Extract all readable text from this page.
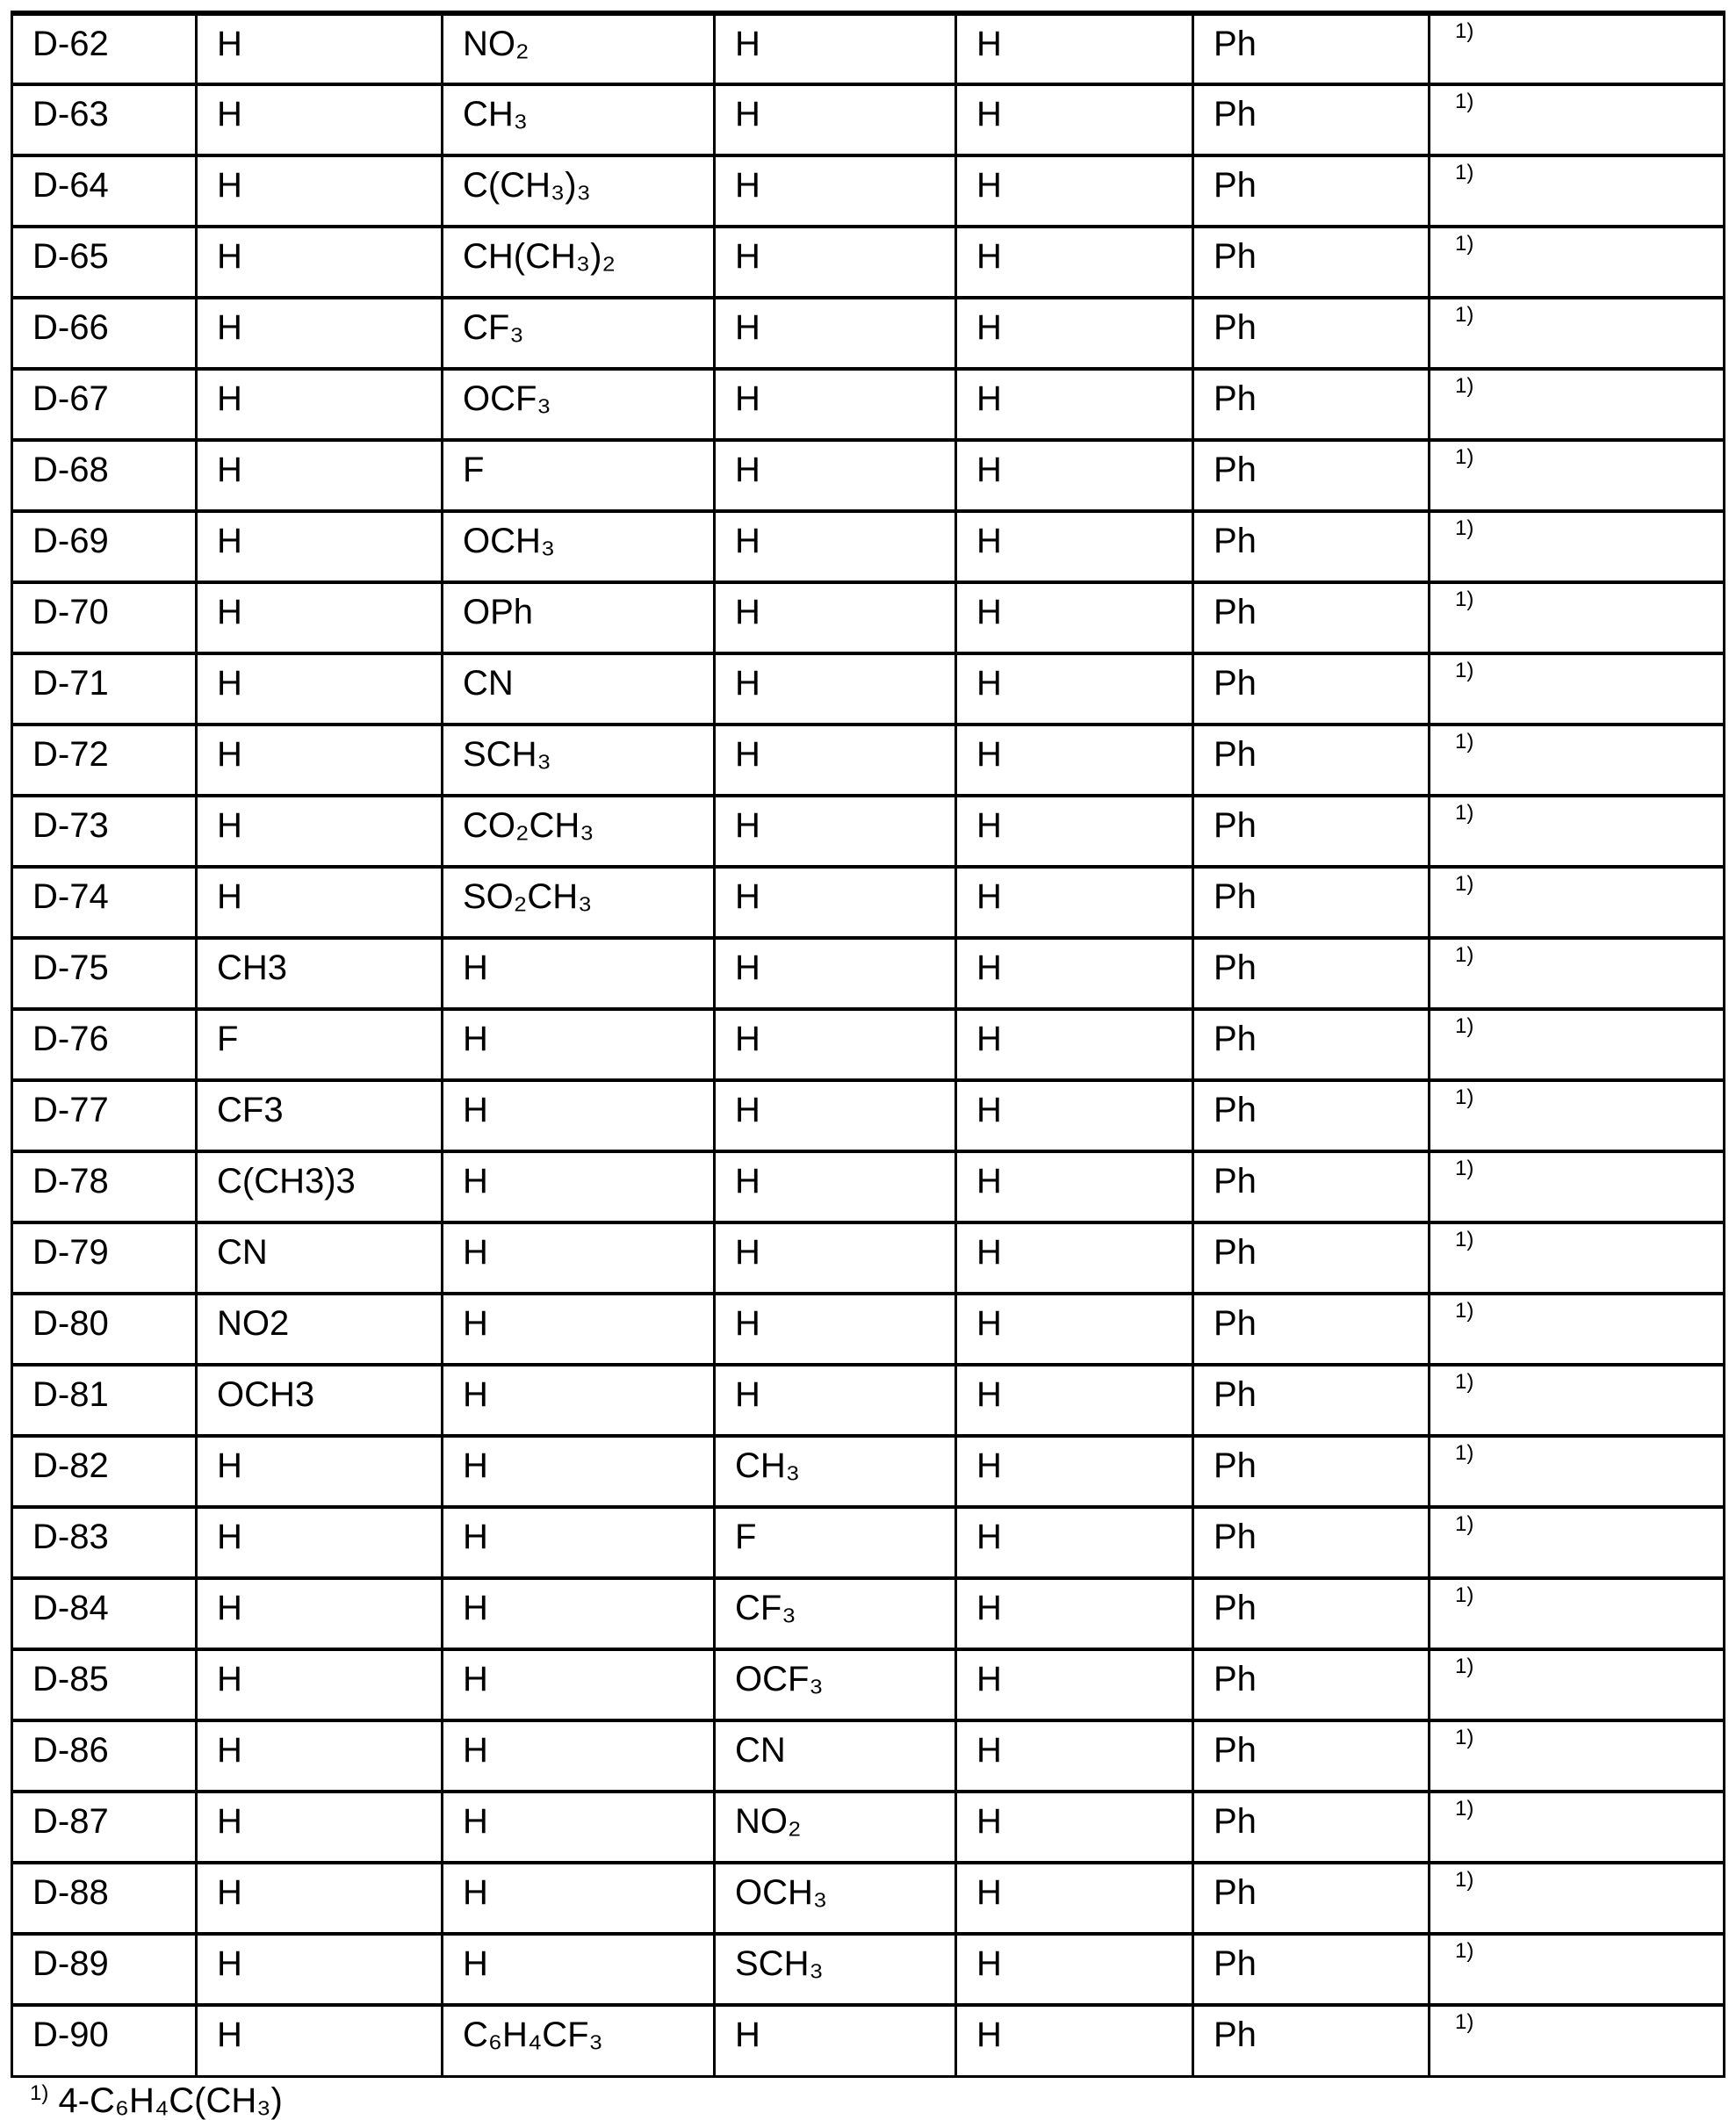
D-62	H	NO₂	H	H	Ph	1)
D-63	H	CH₃	H	H	Ph	1)
D-64	H	C(CH₃)₃	H	H	Ph	1)
D-65	H	CH(CH₃)₂	H	H	Ph	1)
D-66	H	CF₃	H	H	Ph	1)
D-67	H	OCF₃	H	H	Ph	1)
D-68	H	F	H	H	Ph	1)
D-69	H	OCH₃	H	H	Ph	1)
D-70	H	OPh	H	H	Ph	1)
D-71	H	CN	H	H	Ph	1)
D-72	H	SCH₃	H	H	Ph	1)
D-73	H	CO₂CH₃	H	H	Ph	1)
D-74	H	SO₂CH₃	H	H	Ph	1)
D-75	CH3	H	H	H	Ph	1)
D-76	F	H	H	H	Ph	1)
D-77	CF3	H	H	H	Ph	1)
D-78	C(CH3)3	H	H	H	Ph	1)
D-79	CN	H	H	H	Ph	1)
D-80	NO2	H	H	H	Ph	1)
D-81	OCH3	H	H	H	Ph	1)
D-82	H	H	CH₃	H	Ph	1)
D-83	H	H	F	H	Ph	1)
D-84	H	H	CF₃	H	Ph	1)
D-85	H	H	OCF₃	H	Ph	1)
D-86	H	H	CN	H	Ph	1)
D-87	H	H	NO₂	H	Ph	1)
D-88	H	H	OCH₃	H	Ph	1)
D-89	H	H	SCH₃	H	Ph	1)
D-90	H	C₆H₄CF₃	H	H	Ph	1)
1) 4-C₆H₄C(CH₃)
